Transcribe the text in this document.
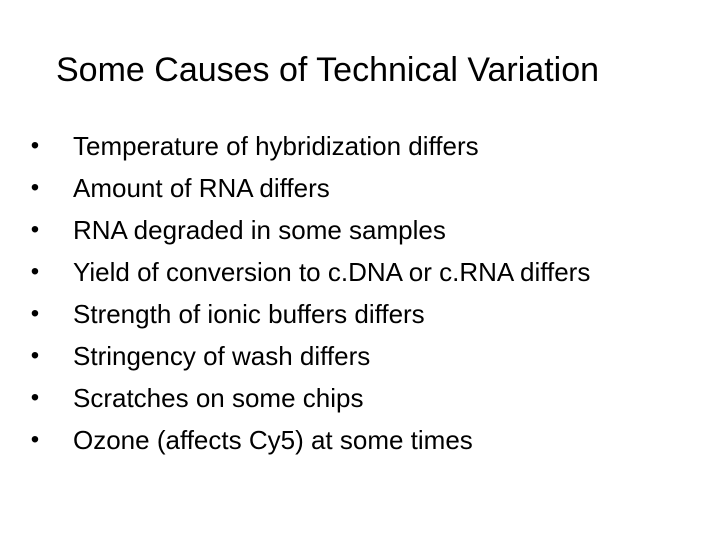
Some Causes of Technical Variation
• Temperature of hybridization differs
• Amount of RNA differs
• RNA degraded in some samples
• Yield of conversion to c.DNA or c.RNA differs
• Strength of ionic buffers differs
• Stringency of wash differs
• Scratches on some chips
• Ozone (affects Cy5) at some times
